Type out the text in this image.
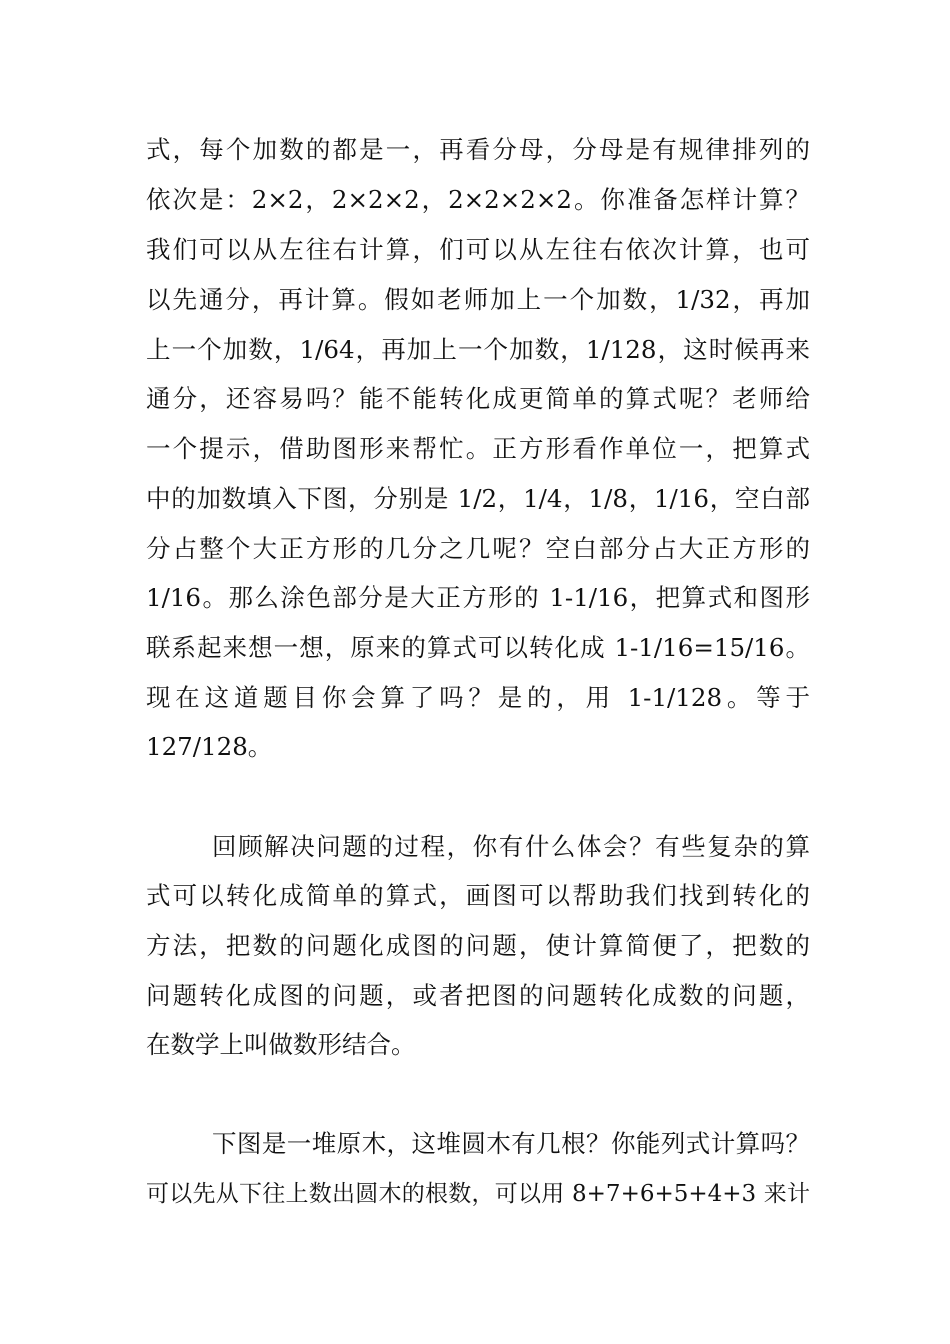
式，每个加数的都是一，再看分母，分母是有规律排列的
依次是：2×2，2×2×2，2×2×2×2。你准备怎样计算？
我们可以从左往右计算，们可以从左往右依次计算，也可
以先通分，再计算。假如老师加上一个加数，1/32，再加
上一个加数，1/64，再加上一个加数，1/128，这时候再来
通分，还容易吗？能不能转化成更简单的算式呢？老师给
一个提示，借助图形来帮忙。正方形看作单位一，把算式
中的加数填入下图，分别是 1/2，1/4，1/8，1/16，空白部
分占整个大正方形的几分之几呢？空白部分占大正方形的
1/16。那么涂色部分是大正方形的 1-1/16，把算式和图形
联系起来想一想，原来的算式可以转化成 1-1/16=15/16。
现在这道题目你会算了吗？是的，用 1-1/128。等于
127/128。
回顾解决问题的过程，你有什么体会？有些复杂的算
式可以转化成简单的算式，画图可以帮助我们找到转化的
方法，把数的问题化成图的问题，使计算简便了，把数的
问题转化成图的问题，或者把图的问题转化成数的问题，
在数学上叫做数形结合。
下图是一堆原木，这堆圆木有几根？你能列式计算吗？
可以先从下往上数出圆木的根数，可以用 8+7+6+5+4+3 来计
